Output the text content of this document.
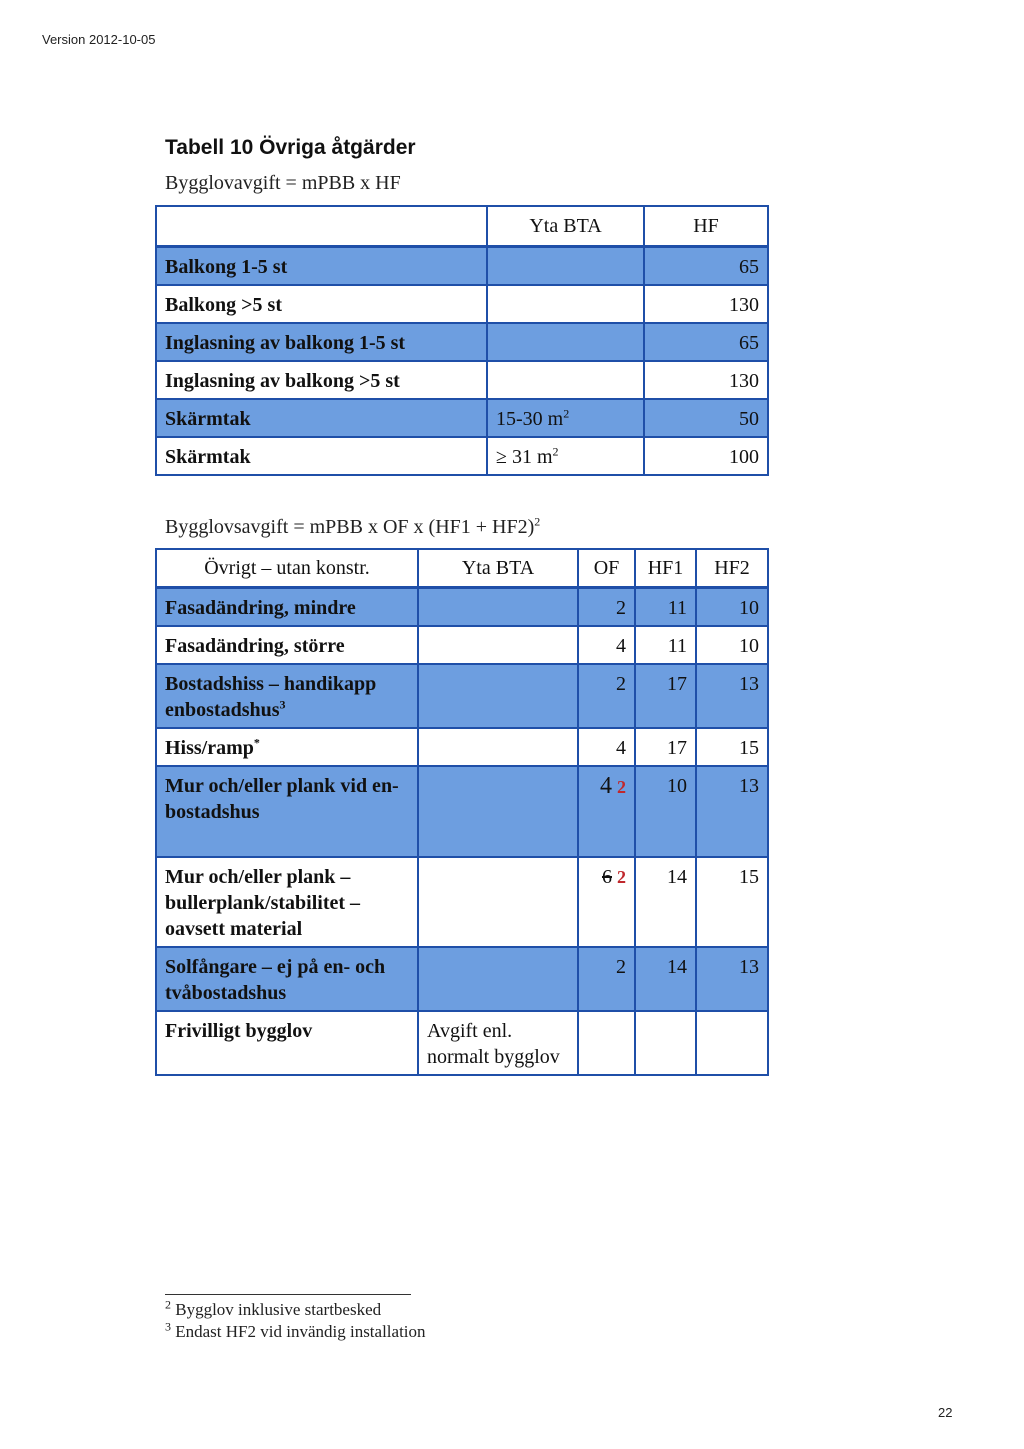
Version 2012-10-05
Tabell 10 Övriga åtgärder
Bygglovavgift = mPBB x HF
	Yta BTA	HF
Balkong 1-5 st		65
Balkong >5 st		130
Inglasning av balkong 1-5 st		65
Inglasning av balkong >5 st		130
Skärmtak	15-30 $m^2$	50
Skärmtak	≥ 31 $m^2$	100
Bygglovsavgift = mPBB x OF x $(HF1 + HF2)^2$
Övrigt – utan konstr.	Yta BTA	OF	HF1	HF2
Fasadändring, mindre		2	11	10
Fasadändring, större		4	11	10
Bostadshiss – handikapp enbostadshus$^3$		2	17	13
Hiss/ramp*		4	17	15
Mur och/eller plank vid en-bostadshus		4 2	10	13
Mur och/eller plank – bullerplank/stabilitet – oavsett material		6 2	14	15
Solfångare – ej på en- och tvåbostadshus		2	14	13
Frivilligt bygglov	Avgift enl. normalt bygglov			
$^2$ Bygglov inklusive startbesked
$^3$ Endast HF2 vid invändig installation
22
